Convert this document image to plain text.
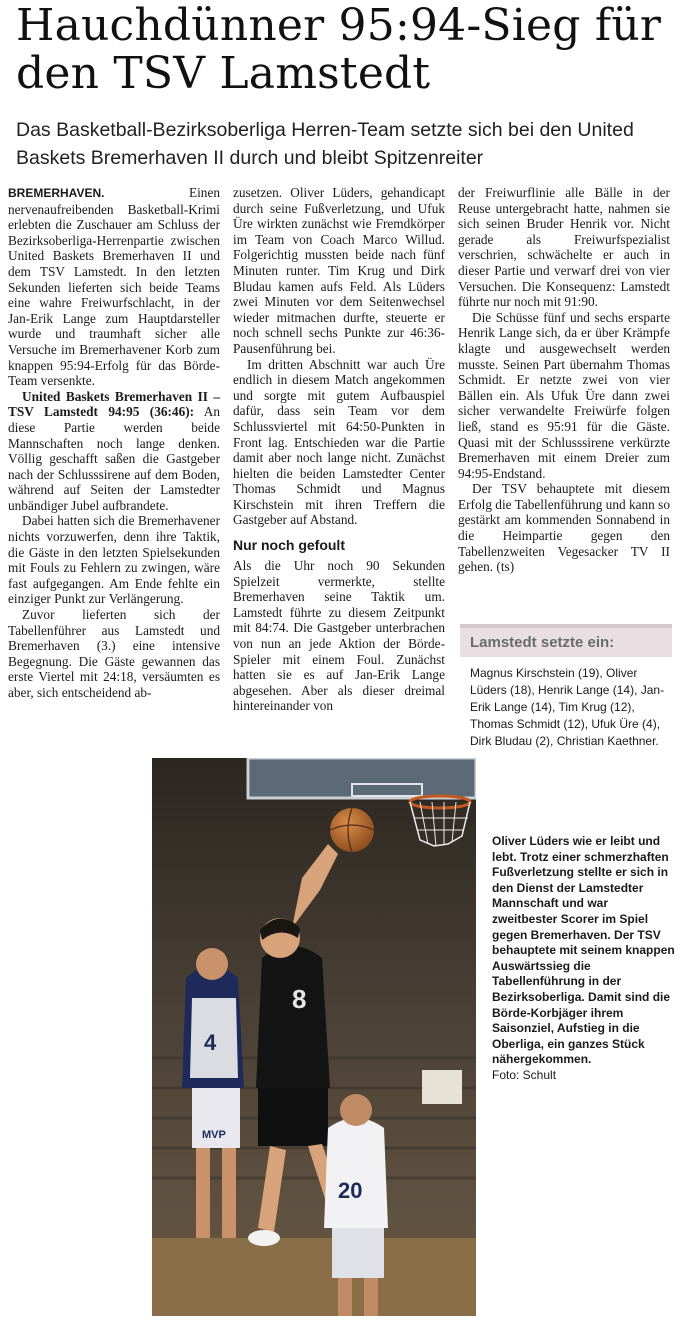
Hauchdünner 95:94-Sieg für den TSV Lamstedt

Das Basketball-Bezirksoberliga Herren-Team setzte sich bei den United Baskets Bremerhaven II durch und bleibt Spitzenreiter

BREMERHAVEN. Einen nervenaufreibenden Basketball-Krimi erlebten die Zuschauer am Schluss der Bezirksoberliga-Herrenpartie zwischen United Baskets Bremerhaven II und dem TSV Lamstedt. In den letzten Sekunden lieferten sich beide Teams eine wahre Freiwurfschlacht, in der Jan-Erik Lange zum Hauptdarsteller wurde und traumhaft sicher alle Versuche im Bremerhavener Korb zum knappen 95:94-Erfolg für das Börde-Team versenkte.

United Baskets Bremerhaven II – TSV Lamstedt 94:95 (36:46): An diese Partie werden beide Mannschaften noch lange denken. Völlig geschafft saßen die Gastgeber nach der Schlusssirene auf dem Boden, während auf Seiten der Lamstedter unbändiger Jubel aufbrandete.

Dabei hatten sich die Bremerhavener nichts vorzuwerfen, denn ihre Taktik, die Gäste in den letzten Spielsekunden mit Fouls zu Fehlern zu zwingen, wäre fast aufgegangen. Am Ende fehlte ein einziger Punkt zur Verlängerung.

Zuvor lieferten sich der Tabellenführer aus Lamstedt und Bremerhaven (3.) eine intensive Begegnung. Die Gäste gewannen das erste Viertel mit 24:18, versäumten es aber, sich entscheidend ab-

zusetzen. Oliver Lüders, gehandicapt durch seine Fußverletzung, und Ufuk Üre wirkten zunächst wie Fremdkörper im Team von Coach Marco Willud. Folgerichtig mussten beide nach fünf Minuten runter. Tim Krug und Dirk Bludau kamen aufs Feld. Als Lüders zwei Minuten vor dem Seitenwechsel wieder mitmachen durfte, steuerte er noch schnell sechs Punkte zur 46:36-Pausenführung bei.

Im dritten Abschnitt war auch Üre endlich in diesem Match angekommen und sorgte mit gutem Aufbauspiel dafür, dass sein Team vor dem Schlussviertel mit 64:50-Punkten in Front lag. Entschieden war die Partie damit aber noch lange nicht. Zunächst hielten die beiden Lamstedter Center Thomas Schmidt und Magnus Kirschstein mit ihren Treffern die Gastgeber auf Abstand.

Nur noch gefoult

Als die Uhr noch 90 Sekunden Spielzeit vermerkte, stellte Bremerhaven seine Taktik um. Lamstedt führte zu diesem Zeitpunkt mit 84:74. Die Gastgeber unterbrachen von nun an jede Aktion der Börde-Spieler mit einem Foul. Zunächst hatten sie es auf Jan-Erik Lange abgesehen. Aber als dieser dreimal hintereinander von

der Freiwurflinie alle Bälle in der Reuse untergebracht hatte, nahmen sie sich seinen Bruder Henrik vor. Nicht gerade als Freiwurfspezialist verschrien, schwächelte er auch in dieser Partie und verwarf drei von vier Versuchen. Die Konsequenz: Lamstedt führte nur noch mit 91:90.

Die Schüsse fünf und sechs ersparte Henrik Lange sich, da er über Krämpfe klagte und ausgewechselt werden musste. Seinen Part übernahm Thomas Schmidt. Er netzte zwei von vier Bällen ein. Als Ufuk Üre dann zwei sicher verwandelte Freiwürfe folgen ließ, stand es 95:91 für die Gäste. Quasi mit der Schlusssirene verkürzte Bremerhaven mit einem Dreier zum 94:95-Endstand.

Der TSV behauptete mit diesem Erfolg die Tabellenführung und kann so gestärkt am kommenden Sonnabend in die Heimpartie gegen den Tabellenzweiten Vegesacker TV II gehen. (ts)

Lamstedt setzte ein:
Magnus Kirschstein (19), Oliver Lüders (18), Henrik Lange (14), Jan-Erik Lange (14), Tim Krug (12), Thomas Schmidt (12), Ufuk Üre (4), Dirk Bludau (2), Christian Kaethner.
4
MVP
8
20
Oliver Lüders wie er leibt und lebt. Trotz einer schmerzhaften Fußverletzung stellte er sich in den Dienst der Lamstedter Mannschaft und war zweitbester Scorer im Spiel gegen Bremerhaven. Der TSV behauptete mit seinem knappen Auswärtssieg die Tabellenführung in der Bezirksoberliga. Damit sind die Börde-Korbjäger ihrem Saisonziel, Aufstieg in die Oberliga, ein ganzes Stück nähergekommen.
Foto: Schult
